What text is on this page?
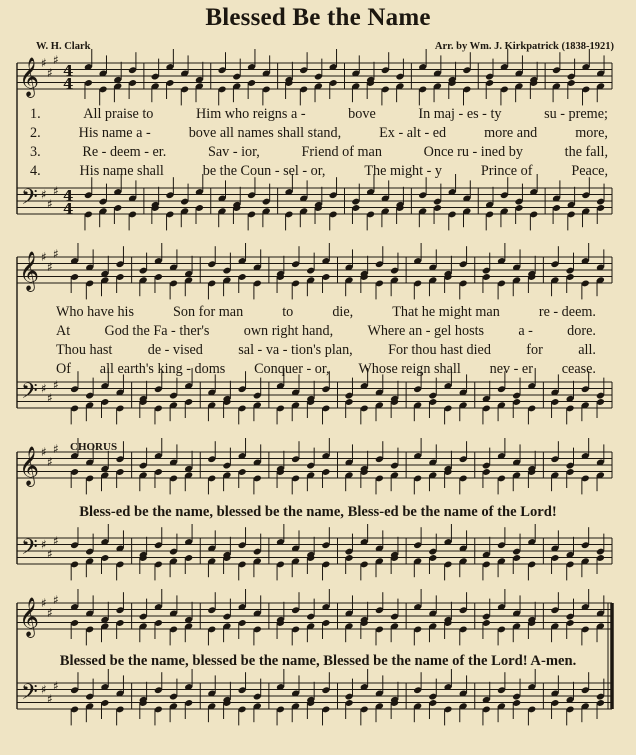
Blessed Be the Name
W. H. Clark	Arr. by Wm. J. Kirkpatrick (1838-1921)
𝄞
𝄢
♯
♯
♯
♯
♯
♯
4
4
4
4
𝄞
𝄢
♯
♯
♯
♯
♯
♯
𝄞
𝄢
♯
♯
♯
♯
♯
♯
𝄞
𝄢
♯
♯
♯
♯
♯
♯
1.	All praise to	Him who reigns a -	bove	In maj - es - ty	su - preme;
2.	His name a -	bove all names shall stand,	Ex - alt - ed	more and	more,
3.	Re - deem - er.	Sav - ior,	Friend of man	Once ru - ined by	the fall,
4.	His name shall	be the Coun - sel - or,	The might - y	Prince of	Peace,
Who have his	Son for man	to	die,	That he might man	re - deem.
At God the Fa - ther's own right hand, Where an - gel hosts a - dore.
Thou hast de - vised sal - va - tion's plan, For thou hast died for all.
Of all earth's king - doms Conquer - or, Whose reign shall nev - er cease.
CHORUS
Bless-ed be the name, blessed be the name, Bless-ed be the name of the Lord!
Blessed be the name, blessed be the name, Blessed be the name of the Lord! A-men.
